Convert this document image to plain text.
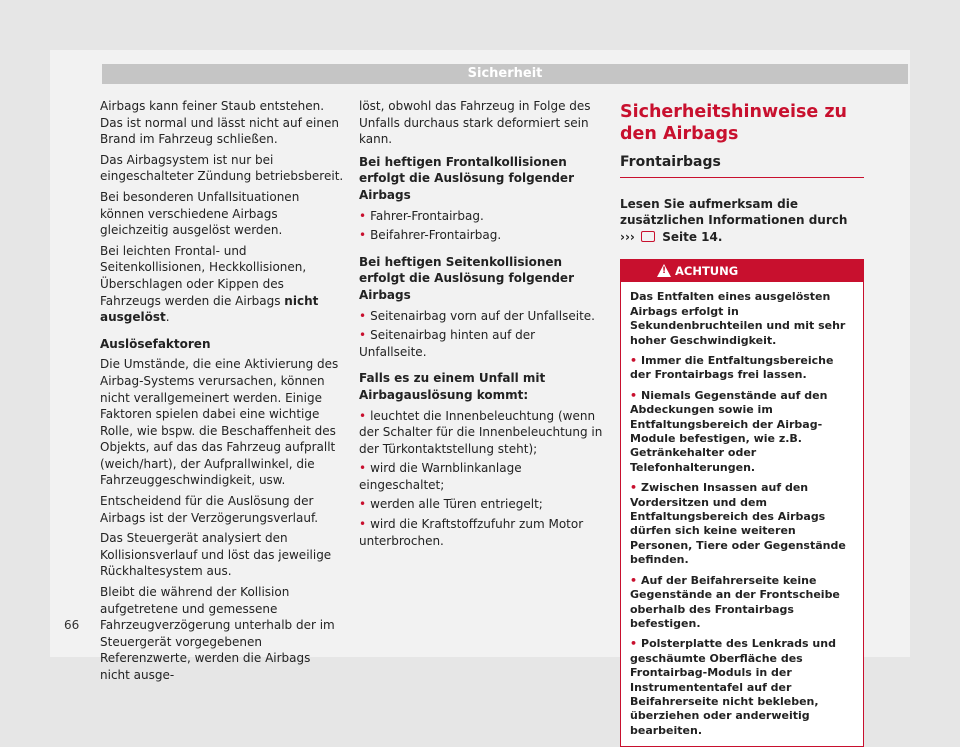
Sicherheit

Airbags kann feiner Staub entstehen. Das ist normal und lässt nicht auf einen Brand im Fahrzeug schließen.

Das Airbagsystem ist nur bei eingeschalteter Zündung betriebsbereit.

Bei besonderen Unfallsituationen können verschiedene Airbags gleichzeitig ausgelöst werden.

Bei leichten Frontal- und Seitenkollisionen, Heckkollisionen, Überschlagen oder Kippen des Fahrzeugs werden die Airbags nicht ausgelöst.

Auslösefaktoren

Die Umstände, die eine Aktivierung des Airbag-Systems verursachen, können nicht verallgemeinert werden. Einige Faktoren spielen dabei eine wichtige Rolle, wie bspw. die Beschaffenheit des Objekts, auf das das Fahrzeug aufprallt (weich/hart), der Aufprallwinkel, die Fahrzeuggeschwindigkeit, usw.

Entscheidend für die Auslösung der Airbags ist der Verzögerungsverlauf.

Das Steuergerät analysiert den Kollisionsverlauf und löst das jeweilige Rückhaltesystem aus.

Bleibt die während der Kollision aufgetretene und gemessene Fahrzeugverzögerung unterhalb der im Steuergerät vorgegebenen Referenzwerte, werden die Airbags nicht ausge-

löst, obwohl das Fahrzeug in Folge des Unfalls durchaus stark deformiert sein kann.

Bei heftigen Frontalkollisionen erfolgt die Auslösung folgender Airbags

• Fahrer-Frontairbag.

• Beifahrer-Frontairbag.

Bei heftigen Seitenkollisionen erfolgt die Auslösung folgender Airbags

• Seitenairbag vorn auf der Unfallseite.

• Seitenairbag hinten auf der Unfallseite.

Falls es zu einem Unfall mit Airbagauslösung kommt:

• leuchtet die Innenbeleuchtung (wenn der Schalter für die Innenbeleuchtung in der Türkontaktstellung steht);

• wird die Warnblinkanlage eingeschaltet;

• werden alle Türen entriegelt;

• wird die Kraftstoffzufuhr zum Motor unterbrochen.

Sicherheitshinweise zu den Airbags
Frontairbags
Lesen Sie aufmerksam die zusätzlichen Informationen durch ››› Seite 14.
!
ACHTUNG

Das Entfalten eines ausgelösten Airbags erfolgt in Sekundenbruchteilen und mit sehr hoher Geschwindigkeit.

• Immer die Entfaltungsbereiche der Frontairbags frei lassen.

• Niemals Gegenstände auf den Abdeckungen sowie im Entfaltungsbereich der Airbag-Module befestigen, wie z.B. Getränkehalter oder Telefonhalterungen.

• Zwischen Insassen auf den Vordersitzen und dem Entfaltungsbereich des Airbags dürfen sich keine weiteren Personen, Tiere oder Gegenstände befinden.

• Auf der Beifahrerseite keine Gegenstände an der Frontscheibe oberhalb des Frontairbags befestigen.

• Polsterplatte des Lenkrads und geschäumte Oberfläche des Frontairbag-Moduls in der Instrumententafel auf der Beifahrerseite nicht bekleben, überziehen oder anderweitig bearbeiten.

66
